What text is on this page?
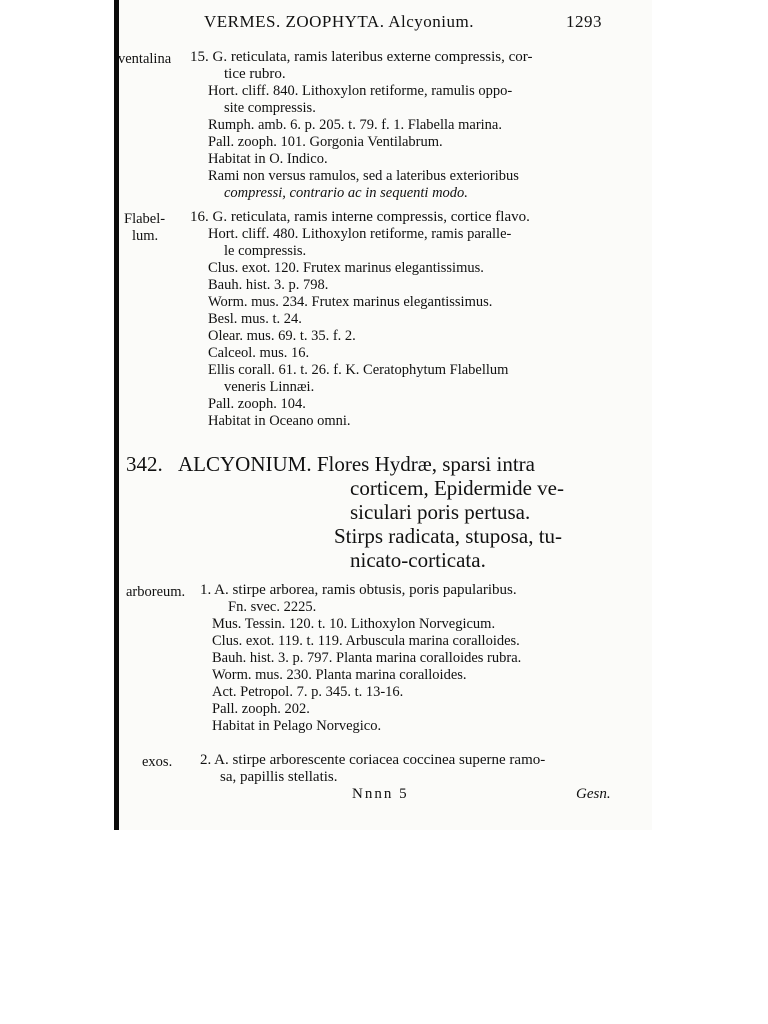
VERMES. ZOOPHYTA. Alcyonium.	1293
ventalina 15. G. reticulata, ramis lateribus externe compressis, cor-
tice rubro.
Hort. cliff. 840. Lithoxylon retiforme, ramulis oppo-
site compressis.
Rumph. amb. 6. p. 205. t. 79. f. 1. Flabella marina.
Pall. zooph. 101. Gorgonia Ventilabrum.
Habitat in O. Indico.
Rami non versus ramulos, sed a lateribus exterioribus
compressi, contrario ac in sequenti modo.
Flabel-
lum.
16. G. reticulata, ramis interne compressis, cortice flavo.
Hort. cliff. 480. Lithoxylon retiforme, ramis paralle-
le compressis.
Clus. exot. 120. Frutex marinus elegantissimus.
Bauh. hist. 3. p. 798.
Worm. mus. 234. Frutex marinus elegantissimus.
Besl. mus. t. 24.
Olear. mus. 69. t. 35. f. 2.
Calceol. mus. 16.
Ellis corall. 61. t. 26. f. K. Ceratophytum Flabellum
veneris Linnæi.
Pall. zooph. 104.
Habitat in Oceano omni.
342. ALCYONIUM. Flores Hydræ, sparsi intra
corticem, Epidermide ve-
siculari poris pertusa.
Stirps radicata, stuposa, tu-
nicato-corticata.
arboreum. 1. A. stirpe arborea, ramis obtusis, poris papularibus.
Fn. svec. 2225.
Mus. Tessin. 120. t. 10. Lithoxylon Norvegicum.
Clus. exot. 119. t. 119. Arbuscula marina coralloides.
Bauh. hist. 3. p. 797. Planta marina coralloides rubra.
Worm. mus. 230. Planta marina coralloides.
Act. Petropol. 7. p. 345. t. 13-16.
Pall. zooph. 202.
Habitat in Pelago Norvegico.
exos. 2. A. stirpe arborescente coriacea coccinea superne ramo-
sa, papillis stellatis.
Nnnn 5	Gesn.
